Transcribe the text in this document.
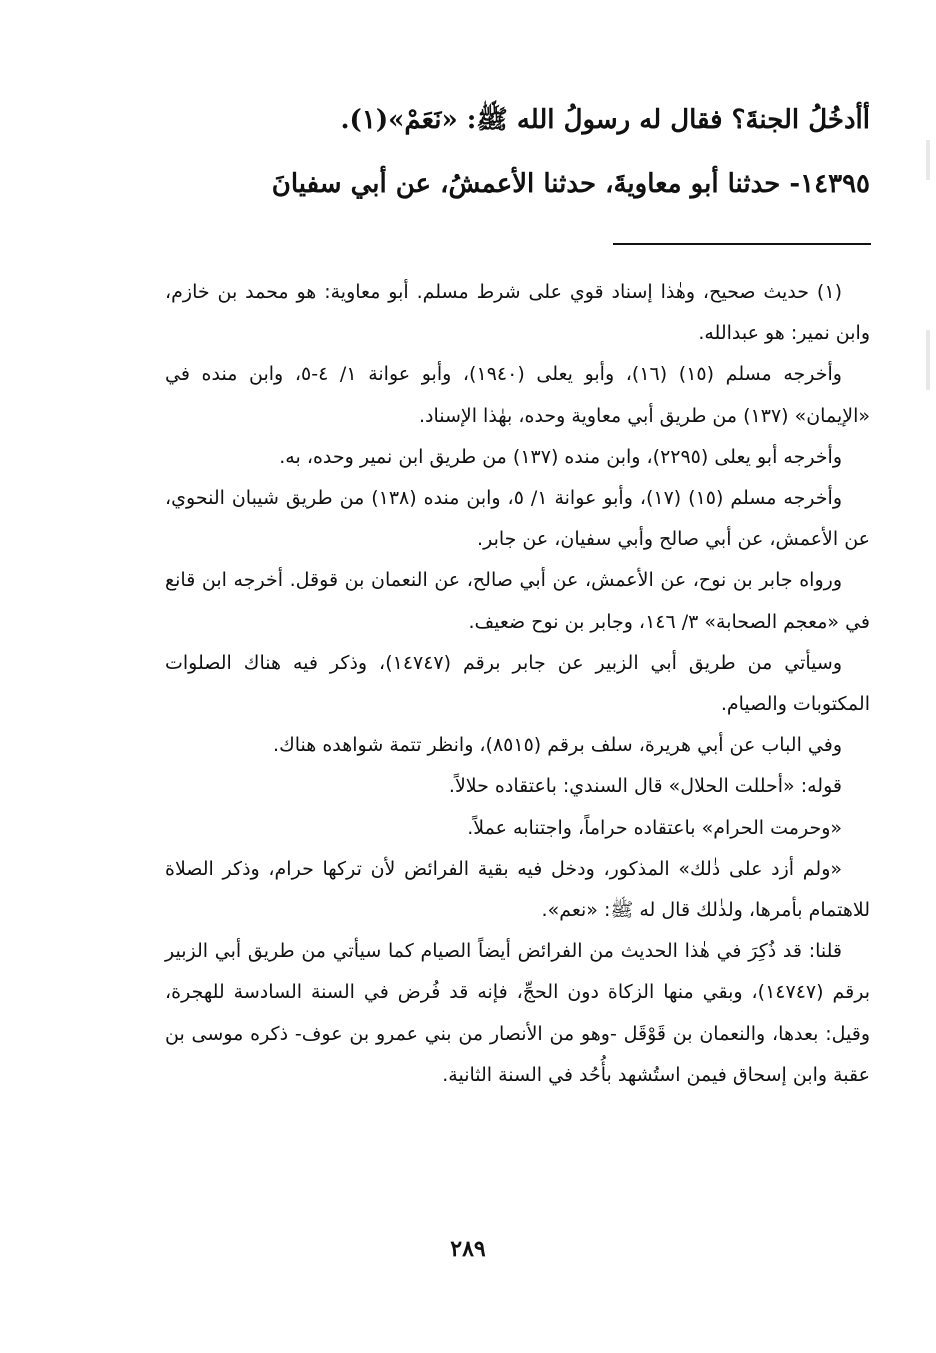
أأدخُلُ الجنةَ؟ فقال له رسولُ الله ﷺ: «نَعَمْ»(١).
١٤٣٩٥- حدثنا أبو معاويةَ، حدثنا الأعمشُ، عن أبي سفيانَ

(١) حديث صحيح، وهٰذا إسناد قوي على شرط مسلم. أبو معاوية: هو محمد بن خازم، وابن نمير: هو عبدالله.

وأخرجه مسلم (١٥) (١٦)، وأبو يعلى (١٩٤٠)، وأبو عوانة ١/ ٤-٥، وابن منده في «الإيمان» (١٣٧) من طريق أبي معاوية وحده، بهٰذا الإسناد.

وأخرجه أبو يعلى (٢٢٩٥)، وابن منده (١٣٧) من طريق ابن نمير وحده، به.

وأخرجه مسلم (١٥) (١٧)، وأبو عوانة ١/ ٥، وابن منده (١٣٨) من طريق شيبان النحوي، عن الأعمش، عن أبي صالح وأبي سفيان، عن جابر.

ورواه جابر بن نوح، عن الأعمش، عن أبي صالح، عن النعمان بن قوقل. أخرجه ابن قانع في «معجم الصحابة» ٣/ ١٤٦، وجابر بن نوح ضعيف.

وسيأتي من طريق أبي الزبير عن جابر برقم (١٤٧٤٧)، وذكر فيه هناك الصلوات المكتوبات والصيام.

وفي الباب عن أبي هريرة، سلف برقم (٨٥١٥)، وانظر تتمة شواهده هناك.

قوله: «أحللت الحلال» قال السندي: باعتقاده حلالاً.

«وحرمت الحرام» باعتقاده حراماً، واجتنابه عملاً.

«ولم أزد على ذٰلك» المذكور، ودخل فيه بقية الفرائض لأن تركها حرام، وذكر الصلاة للاهتمام بأمرها، ولذٰلك قال له ﷺ: «نعم».

قلنا: قد ذُكِرَ في هٰذا الحديث من الفرائض أيضاً الصيام كما سيأتي من طريق أبي الزبير برقم (١٤٧٤٧)، وبقي منها الزكاة دون الحجِّ، فإنه قد فُرض في السنة السادسة للهجرة، وقيل: بعدها، والنعمان بن قَوْقَل -وهو من الأنصار من بني عمرو بن عوف- ذكره موسى بن عقبة وابن إسحاق فيمن استُشهد بأُحُد في السنة الثانية.

٢٨٩
